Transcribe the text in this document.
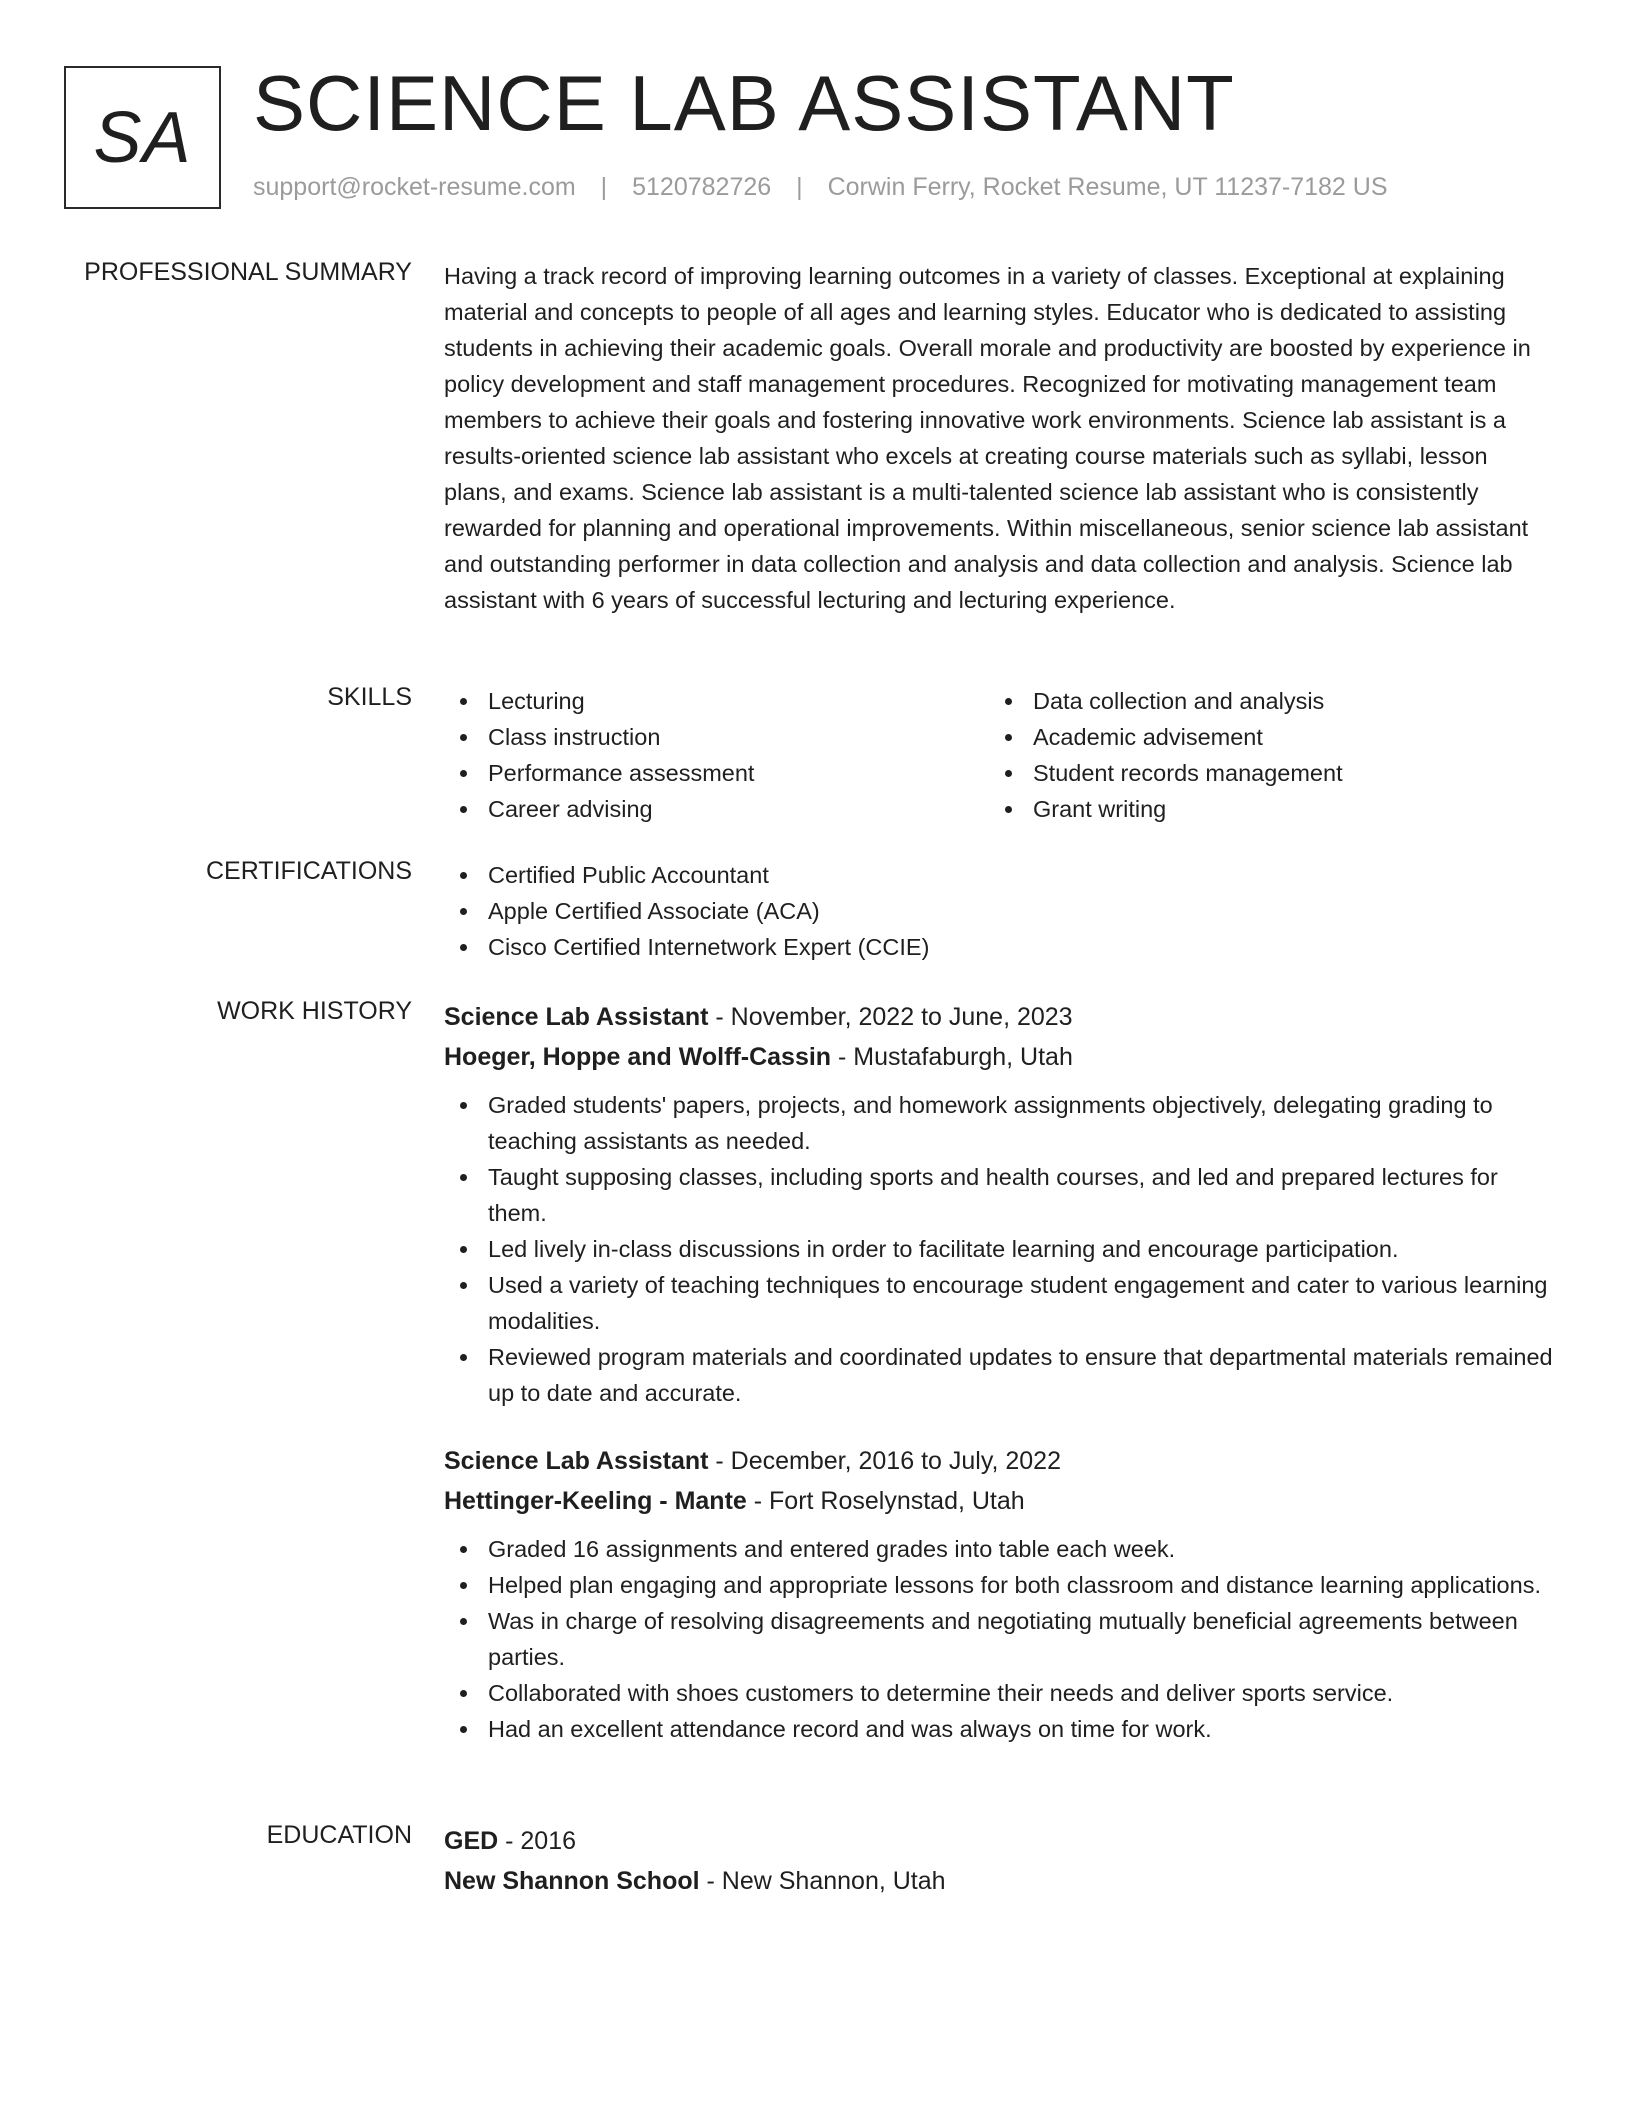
SA SCIENCE LAB ASSISTANT
support@rocket-resume.com | 5120782726 | Corwin Ferry, Rocket Resume, UT 11237-7182 US
PROFESSIONAL SUMMARY Having a track record of improving learning outcomes in a variety of classes. Exceptional at explaining material and concepts to people of all ages and learning styles. Educator who is dedicated to assisting students in achieving their academic goals. Overall morale and productivity are boosted by experience in policy development and staff management procedures. Recognized for motivating management team members to achieve their goals and fostering innovative work environments. Science lab assistant is a results-oriented science lab assistant who excels at creating course materials such as syllabi, lesson plans, and exams. Science lab assistant is a multi-talented science lab assistant who is consistently rewarded for planning and operational improvements. Within miscellaneous, senior science lab assistant and outstanding performer in data collection and analysis and data collection and analysis. Science lab assistant with 6 years of successful lecturing and lecturing experience.
SKILLS	Lecturing
Class instruction
Performance assessment
Career advising
Data collection and analysis
Academic advisement
Student records management
Grant writing
CERTIFICATIONS	Certified Public Accountant
Apple Certified Associate (ACA)
Cisco Certified Internetwork Expert (CCIE)
WORK HISTORY Science Lab Assistant - November, 2022 to June, 2023
Hoeger, Hoppe and Wolff-Cassin - Mustafaburgh, Utah
Graded students' papers, projects, and homework assignments objectively, delegating grading to teaching assistants as needed.
Taught supposing classes, including sports and health courses, and led and prepared lectures for them.
Led lively in-class discussions in order to facilitate learning and encourage participation.
Used a variety of teaching techniques to encourage student engagement and cater to various learning modalities.
Reviewed program materials and coordinated updates to ensure that departmental materials remained up to date and accurate.
Science Lab Assistant - December, 2016 to July, 2022
Hettinger-Keeling - Mante - Fort Roselynstad, Utah
Graded 16 assignments and entered grades into table each week.
Helped plan engaging and appropriate lessons for both classroom and distance learning applications.
Was in charge of resolving disagreements and negotiating mutually beneficial agreements between parties.
Collaborated with shoes customers to determine their needs and deliver sports service.
Had an excellent attendance record and was always on time for work.
EDUCATION GED - 2016
New Shannon School - New Shannon, Utah
